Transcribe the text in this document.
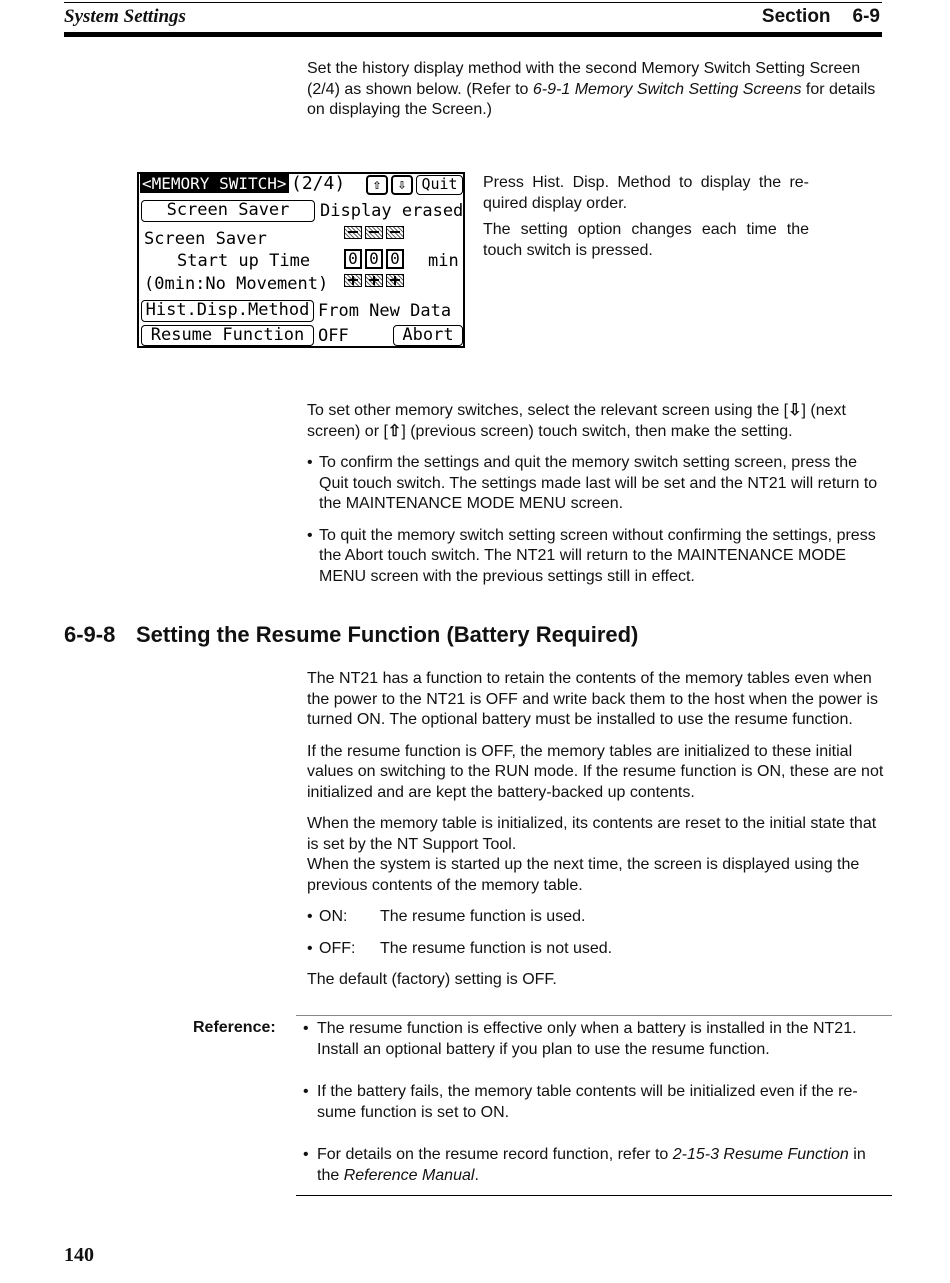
System Settings	Section 6-9
Set the history display method with the second Memory Switch Setting Screen (2/4) as shown below. (Refer to 6-9-1 Memory Switch Setting Screens for details on displaying the Screen.)
<MEMORY SWITCH> (2/4)	⇧	⇩	Quit
Screen Saver	Display erased
Screen Saver
Start up Time
(0min:No Movement)
0 0 0 min
Hist.Disp.Method From New Data
Resume Function OFF	Abort

Press Hist. Disp. Method to display the re-quired display order.

The setting option changes each time the touch switch is pressed.

To set other memory switches, select the relevant screen using the [⇩] (next screen) or [⇧] (previous screen) touch switch, then make the setting.

• To confirm the settings and quit the memory switch setting screen, press the Quit touch switch. The settings made last will be set and the NT21 will return to the MAINTENANCE MODE MENU screen.

• To quit the memory switch setting screen without confirming the settings, press the Abort touch switch. The NT21 will return to the MAINTENANCE MODE MENU screen with the previous settings still in effect.

6-9-8 Setting the Resume Function (Battery Required)

The NT21 has a function to retain the contents of the memory tables even when the power to the NT21 is OFF and write back them to the host when the power is turned ON. The optional battery must be installed to use the resume function.

If the resume function is OFF, the memory tables are initialized to these initial values on switching to the RUN mode. If the resume function is ON, these are not initialized and are kept the battery-backed up contents.

When the memory table is initialized, its contents are reset to the initial state that is set by the NT Support Tool.

When the system is started up the next time, the screen is displayed using the previous contents of the memory table.

• ON: The resume function is used.

• OFF: The resume function is not used.

The default (factory) setting is OFF.

Reference:
•	The resume function is effective only when a battery is installed in the NT21. Install an optional battery if you plan to use the resume function.
• If the battery fails, the memory table contents will be initialized even if the re-sume function is set to ON.
• For details on the resume record function, refer to 2-15-3 Resume Function in the Reference Manual.
140
